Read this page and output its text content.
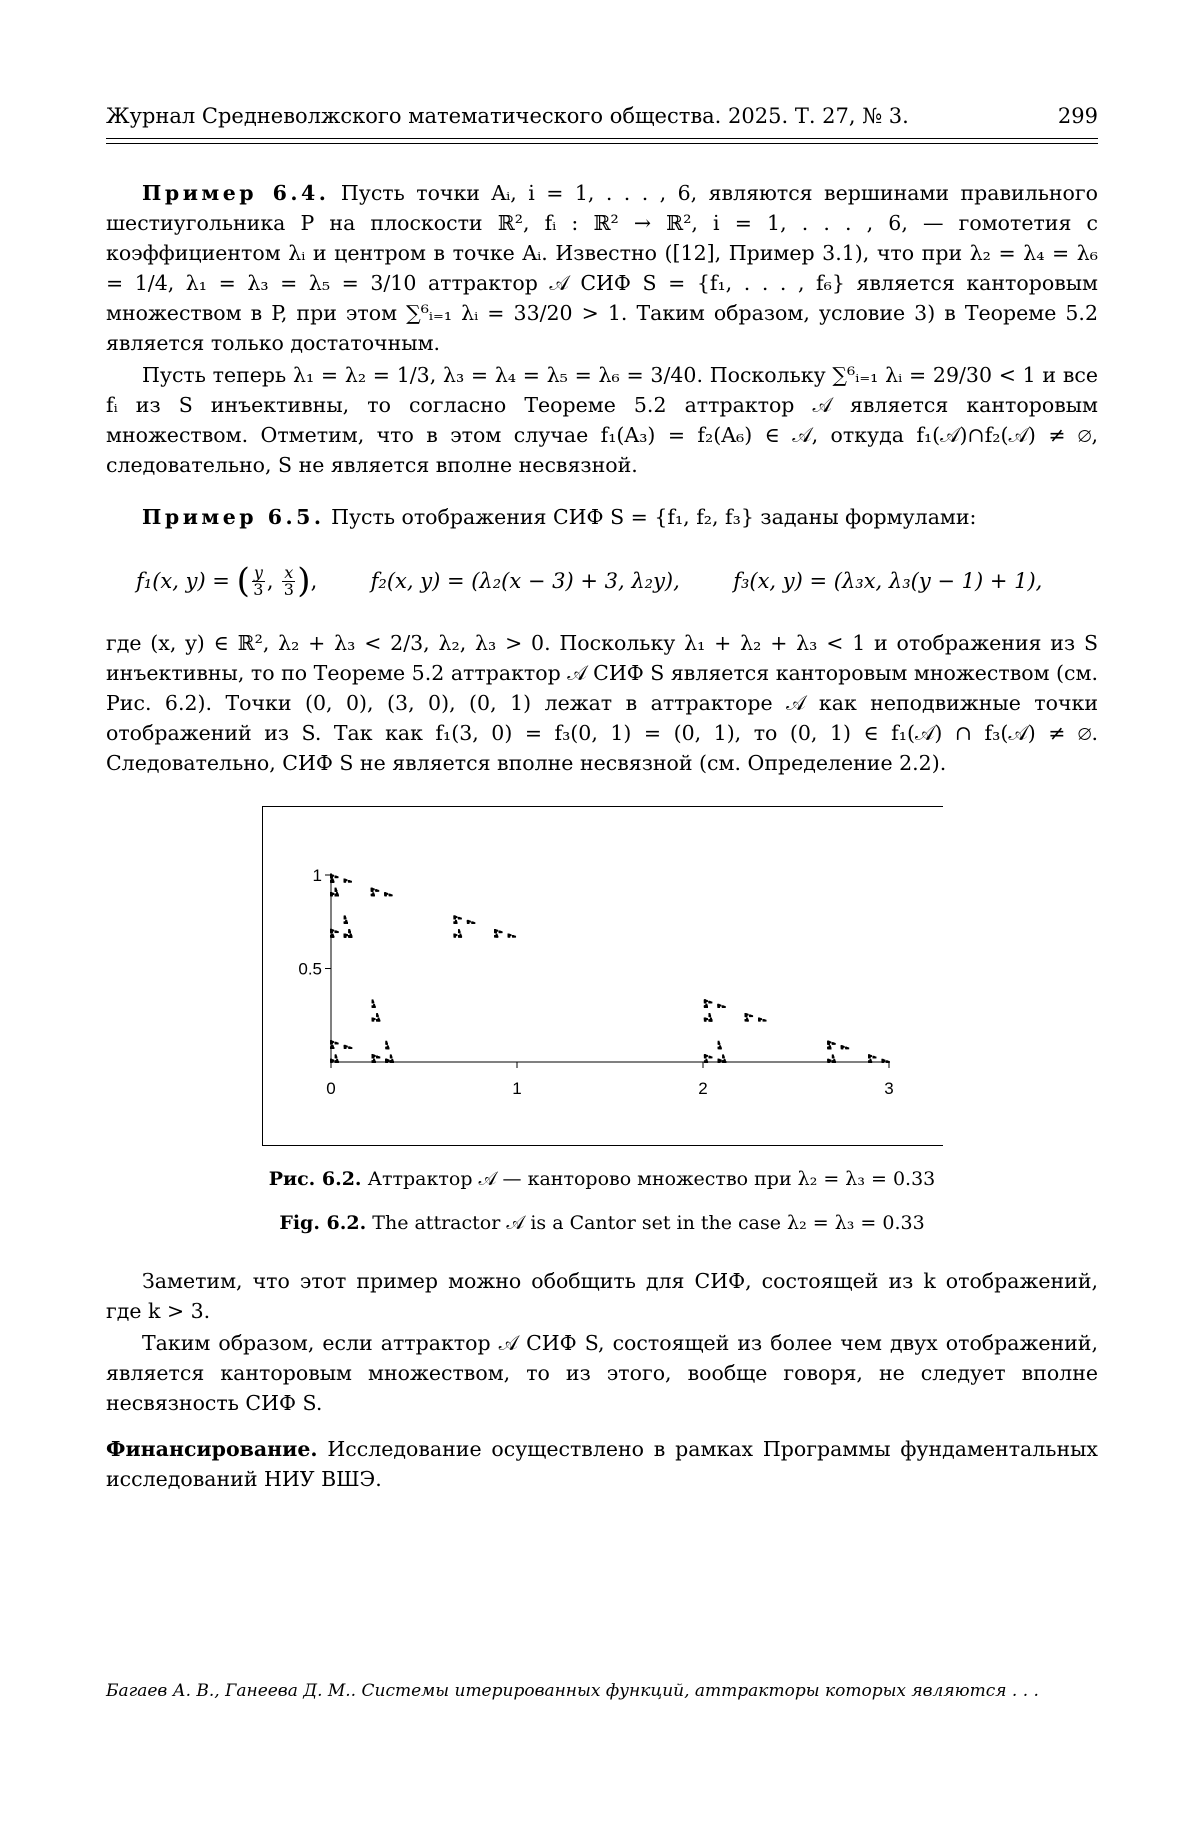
Журнал Средневолжского математического общества. 2025. Т. 27, № 3.	299

Пример 6.4. Пусть точки Aᵢ, i = 1, . . . , 6, являются вершинами правильного шестиугольника P на плоскости ℝ², fᵢ : ℝ² → ℝ², i = 1, . . . , 6, — гомотетия с коэффициентом λᵢ и центром в точке Aᵢ. Известно ([12], Пример 3.1), что при λ₂ = λ₄ = λ₆ = 1/4, λ₁ = λ₃ = λ₅ = 3/10 аттрактор 𝒜 СИФ S = {f₁, . . . , f₆} является канторовым множеством в P, при этом ∑⁶ᵢ₌₁ λᵢ = 33/20 > 1. Таким образом, условие 3) в Теореме 5.2 является только достаточным.

Пусть теперь λ₁ = λ₂ = 1/3, λ₃ = λ₄ = λ₅ = λ₆ = 3/40. Поскольку ∑⁶ᵢ₌₁ λᵢ = 29/30 < 1 и все fᵢ из S инъективны, то согласно Теореме 5.2 аттрактор 𝒜 является канторовым множеством. Отметим, что в этом случае f₁(A₃) = f₂(A₆) ∈ 𝒜, откуда f₁(𝒜)∩f₂(𝒜) ≠ ∅, следовательно, S не является вполне несвязной.

Пример 6.5. Пусть отображения СИФ S = {f₁, f₂, f₃} заданы формулами:

f₁(x, y) = ( $\frac{y}{3}$ , $\frac{x}{3}$ ) , f₂(x, y) = (λ₂(x − 3) + 3, λ₂y),
	f₃(x, y) = (λ₃x, λ₃(y − 1) + 1),

где (x, y) ∈ ℝ², λ₂ + λ₃ < 2/3, λ₂, λ₃ > 0. Поскольку λ₁ + λ₂ + λ₃ < 1 и отображения из S инъективны, то по Теореме 5.2 аттрактор 𝒜 СИФ S является канторовым множеством (см. Рис. 6.2). Точки (0, 0), (3, 0), (0, 1) лежат в аттракторе 𝒜 как неподвижные точки отображений из S. Так как f₁(3, 0) = f₃(0, 1) = (0, 1), то (0, 1) ∈ f₁(𝒜) ∩ f₃(𝒜) ≠ ∅. Следовательно, СИФ S не является вполне несвязной (см. Определение 2.2).

0	1	2	3
0.5
1
Рис. 6.2. Аттрактор 𝒜 — канторово множество при λ₂ = λ₃ = 0.33
Fig. 6.2. The attractor 𝒜 is a Cantor set in the case λ₂ = λ₃ = 0.33

Заметим, что этот пример можно обобщить для СИФ, состоящей из k отображений, где k > 3.

Таким образом, если аттрактор 𝒜 СИФ S, состоящей из более чем двух отображений, является канторовым множеством, то из этого, вообще говоря, не следует вполне несвязность СИФ S.

Финансирование. Исследование осуществлено в рамках Программы фундаментальных исследований НИУ ВШЭ.

Багаев А. В., Ганеева Д. М.. Системы итерированных функций, аттракторы которых являются . . .
